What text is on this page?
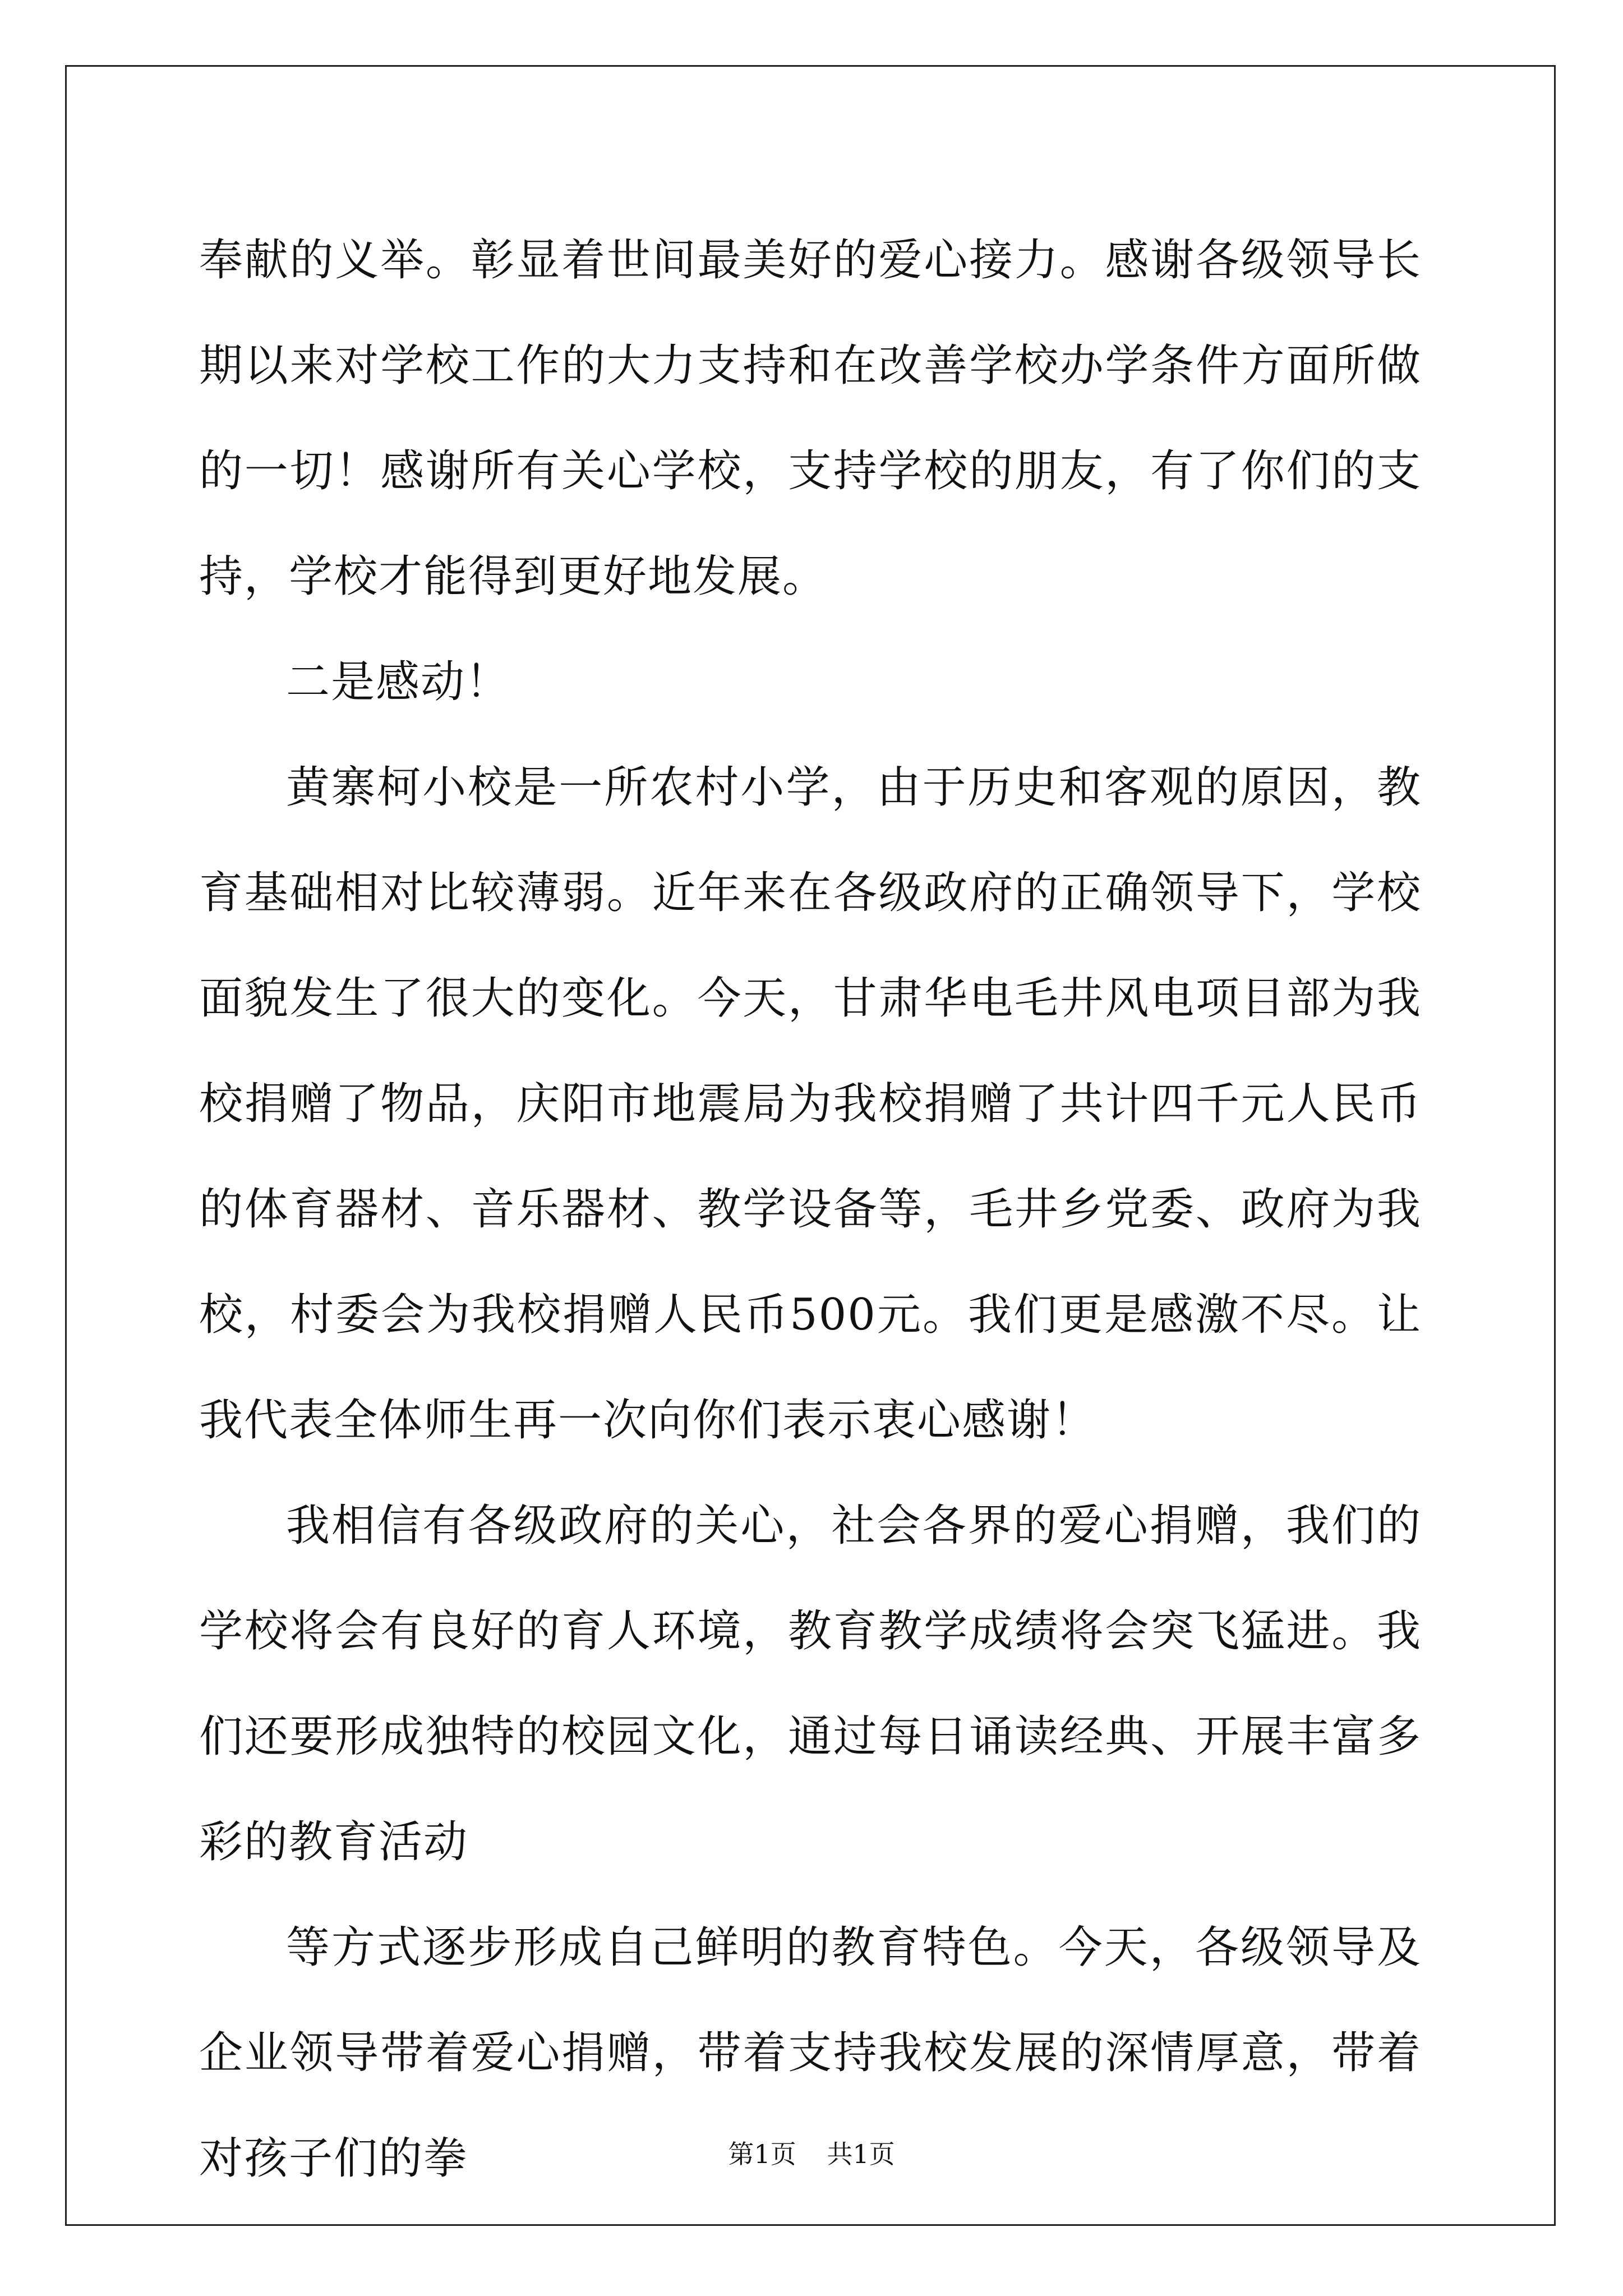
奉献的义举。彰显着世间最美好的爱心接力。感谢各级领导长期以来对学校工作的大力支持和在改善学校办学条件方面所做的一切！感谢所有关心学校，支持学校的朋友，有了你们的支持，学校才能得到更好地发展。

二是感动！

黄寨柯小校是一所农村小学，由于历史和客观的原因，教育基础相对比较薄弱。近年来在各级政府的正确领导下，学校面貌发生了很大的变化。今天，甘肃华电毛井风电项目部为我校捐赠了物品，庆阳市地震局为我校捐赠了共计四千元人民币的体育器材、音乐器材、教学设备等，毛井乡党委、政府为我校，村委会为我校捐赠人民币500元。我们更是感激不尽。让我代表全体师生再一次向你们表示衷心感谢！

我相信有各级政府的关心，社会各界的爱心捐赠，我们的学校将会有良好的育人环境，教育教学成绩将会突飞猛进。我们还要形成独特的校园文化，通过每日诵读经典、开展丰富多彩的教育活动

等方式逐步形成自己鲜明的教育特色。今天，各级领导及企业领导带着爱心捐赠，带着支持我校发展的深情厚意，带着对孩子们的拳	第1页 共1页
